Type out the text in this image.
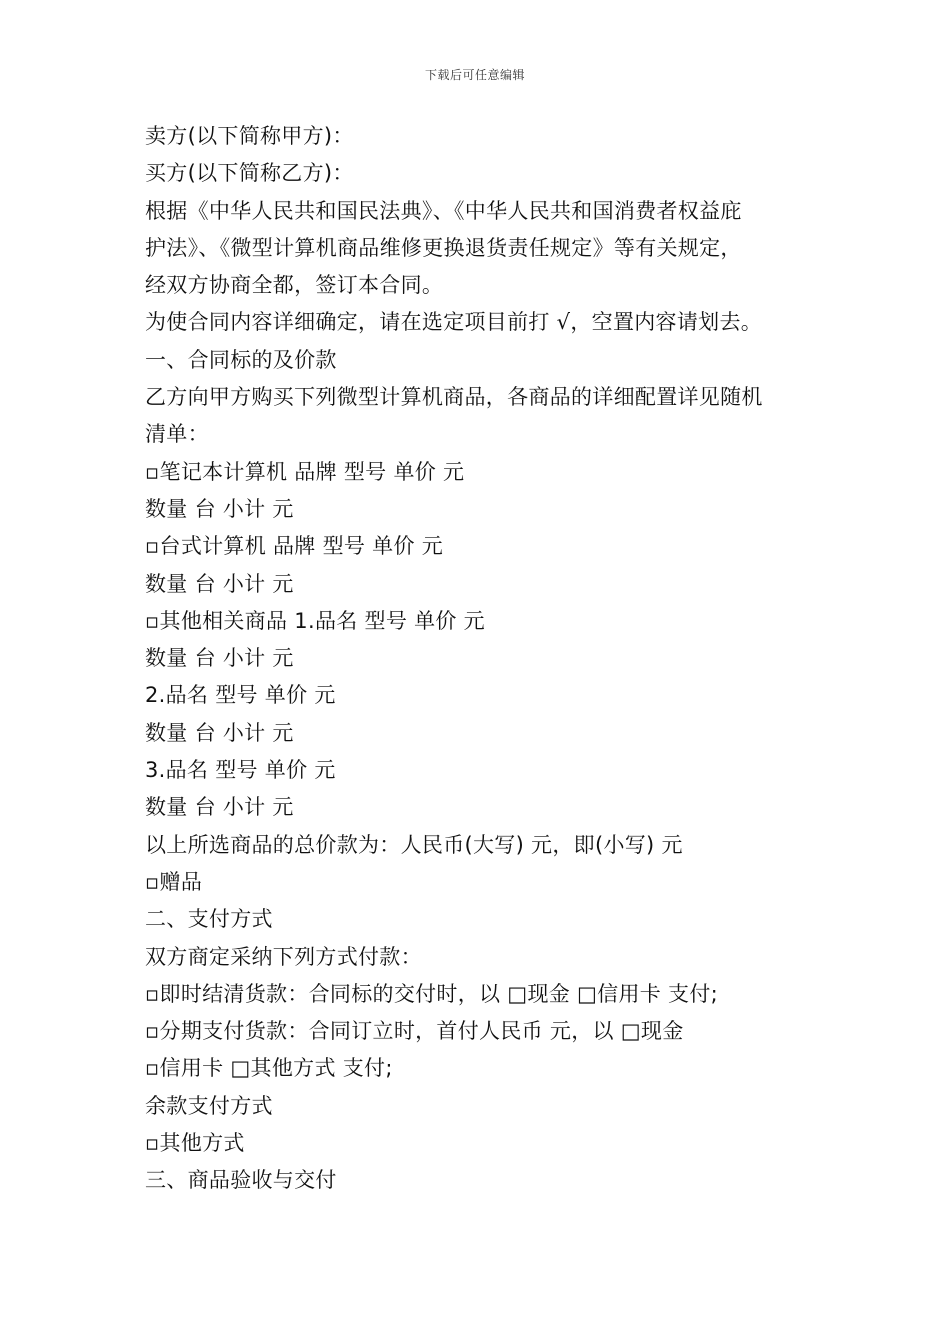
下载后可任意编辑
卖方(以下简称甲方)：
买方(以下简称乙方)：
根据《中华人民共和国民法典》、《中华人民共和国消费者权益庇
护法》、《微型计算机商品维修更换退货责任规定》等有关规定，
经双方协商全都，签订本合同。
为使合同内容详细确定，请在选定项目前打 √，空置内容请划去。
一、合同标的及价款
乙方向甲方购买下列微型计算机商品，各商品的详细配置详见随机
清单：
▫笔记本计算机 品牌 型号 单价 元
数量 台 小计 元
▫台式计算机 品牌 型号 单价 元
数量 台 小计 元
▫其他相关商品 1.品名 型号 单价 元
数量 台 小计 元
2.品名 型号 单价 元
数量 台 小计 元
3.品名 型号 单价 元
数量 台 小计 元
以上所选商品的总价款为：人民币(大写) 元，即(小写) 元
▫赠品
二、支付方式
双方商定采纳下列方式付款：
▫即时结清货款：合同标的交付时，以 □现金 □信用卡 支付;
▫分期支付货款：合同订立时，首付人民币 元，以 □现金
▫信用卡 □其他方式 支付;
余款支付方式
▫其他方式
三、商品验收与交付
